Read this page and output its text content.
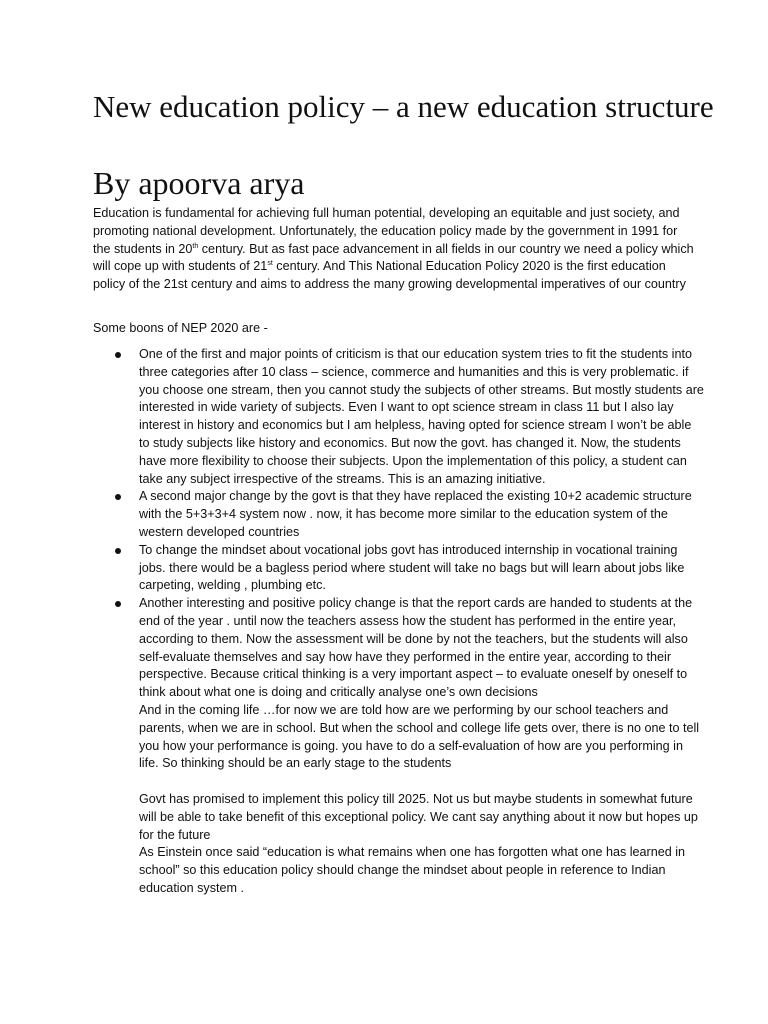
New education policy – a new education structure
By apoorva arya

Education is fundamental for achieving full human potential, developing an equitable and just society, and promoting national development. Unfortunately, the education policy made by the government in 1991 for the students in 20th century. But as fast pace advancement in all fields in our country we need a policy which will cope up with students of 21st century. And This National Education Policy 2020 is the first education policy of the 21st century and aims to address the many growing developmental imperatives of our country

Some boons of NEP 2020 are -

One of the first and major points of criticism is that our education system tries to fit the students into three categories after 10 class – science, commerce and humanities and this is very problematic. if you choose one stream, then you cannot study the subjects of other streams. But mostly students are interested in wide variety of subjects. Even I want to opt science stream in class 11 but I also lay interest in history and economics but I am helpless, having opted for science stream I won’t be able to study subjects like history and economics. But now the govt. has changed it. Now, the students have more flexibility to choose their subjects. Upon the implementation of this policy, a student can take any subject irrespective of the streams. This is an amazing initiative.

A second major change by the govt is that they have replaced the existing 10+2 academic structure with the 5+3+3+4 system now . now, it has become more similar to the education system of the western developed countries

To change the mindset about vocational jobs govt has introduced internship in vocational training jobs. there would be a bagless period where student will take no bags but will learn about jobs like carpeting, welding , plumbing etc.

Another interesting and positive policy change is that the report cards are handed to students at the end of the year . until now the teachers assess how the student has performed in the entire year, according to them. Now the assessment will be done by not the teachers, but the students will also self-evaluate themselves and say how have they performed in the entire year, according to their perspective. Because critical thinking is a very important aspect – to evaluate oneself by oneself to think about what one is doing and critically analyse one’s own decisions

And in the coming life …for now we are told how are we performing by our school teachers and parents, when we are in school. But when the school and college life gets over, there is no one to tell you how your performance is going. you have to do a self-evaluation of how are you performing in life. So thinking should be an early stage to the students

Govt has promised to implement this policy till 2025. Not us but maybe students in somewhat future will be able to take benefit of this exceptional policy. We cant say anything about it now but hopes up for the future

As Einstein once said “education is what remains when one has forgotten what one has learned in school” so this education policy should change the mindset about people in reference to Indian education system .
